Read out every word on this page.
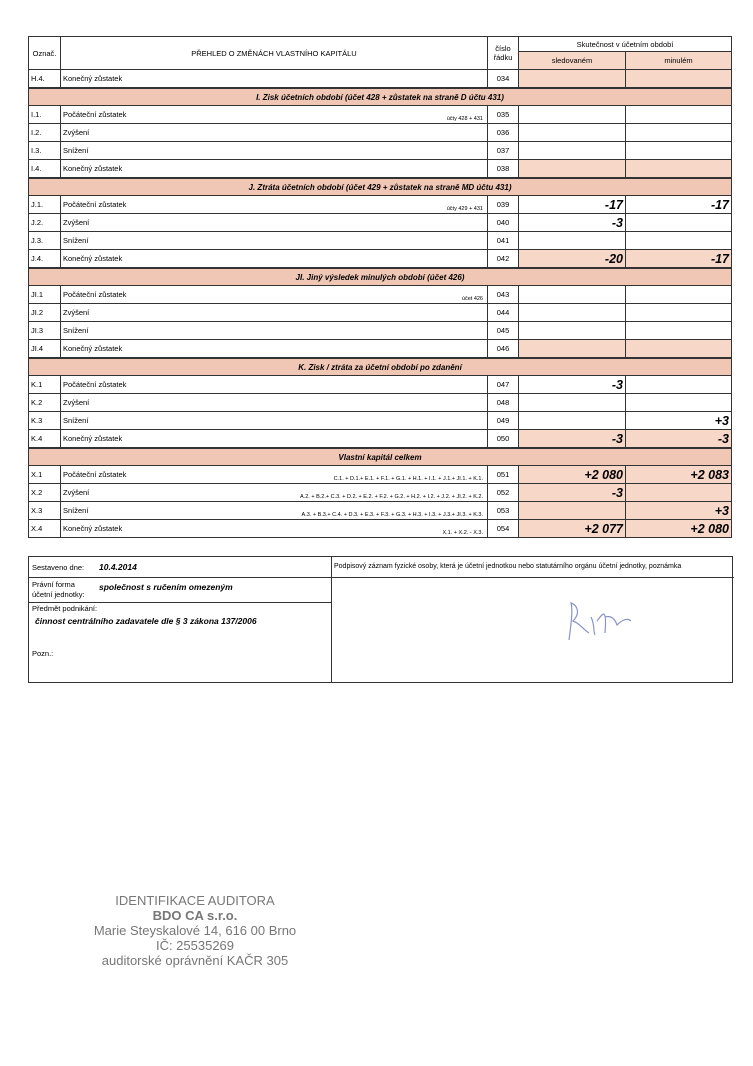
Označ.	PŘEHLED O ZMĚNÁCH VLASTNÍHO KAPITÁLU	číslo
řádku	Skutečnost v účetním období	
			sledovaném	minulém
H.4.	Konečný zůstatek	034		
I. Zisk účetních období (účet 428 + zůstatek na straně D účtu 431)				
I.1.	Počáteční zůstatek účty 428 + 431	035		
I.2.	Zvýšení	036		
I.3.	Snížení	037		
I.4.	Konečný zůstatek	038		
J. Ztráta účetních období (účet 429 + zůstatek na straně MD účtu 431)				
J.1.	Počáteční zůstatek účty 429 + 431	039	-17	-17
J.2.	Zvýšení	040	-3	
J.3.	Snížení	041		
J.4.	Konečný zůstatek	042	-20	-17
JI. Jiný výsledek minulých období (účet 426)				
JI.1	Počáteční zůstatek účet 426	043		
JI.2	Zvýšení	044		
JI.3	Snížení	045		
JI.4	Konečný zůstatek	046		
K. Zisk / ztráta za účetní období po zdanění				
K.1	Počáteční zůstatek	047	-3	
K.2	Zvýšení	048		
K.3	Snížení	049		+3
K.4	Konečný zůstatek	050	-3	-3
Vlastní kapitál celkem				
X.1	Počáteční zůstatek C.1. + D.1.+ E.1. + F.1. + G.1. + H.1. + I.1. + J.1.+ JI.1. + K.1.	051	+2 080	+2 083
X.2	Zvýšení A.2. + B.2.+ C.3. + D.2. + E.2. + F.2. + G.2. + H.2. + I.2. + J.2. + JI.2. + K.2.	052	-3	
X.3	Snížení A.3. + B.3.+ C.4. + D.3. + E.3. + F.3. + G.3. + H.3. + I.3. + J.3.+ JI.3. + K.3.	053		+3
X.4	Konečný zůstatek X.1. + X.2. - X.3.	054	+2 077	+2 080
Sestaveno dne: 10.4.2014
Právní forma
účetní jednotky:
společnost s ručením omezeným
Předmět podnikání:
činnost centrálního zadavatele dle § 3 zákona 137/2006
Pozn.:
Podpisový záznam fyzické osoby, která je účetní jednotkou nebo statutárního orgánu účetní jednotky, poznámka
IDENTIFIKACE AUDITORA
BDO CA s.r.o.
Marie Steyskalové 14, 616 00 Brno
IČ: 25535269
auditorské oprávnění KAČR 305
